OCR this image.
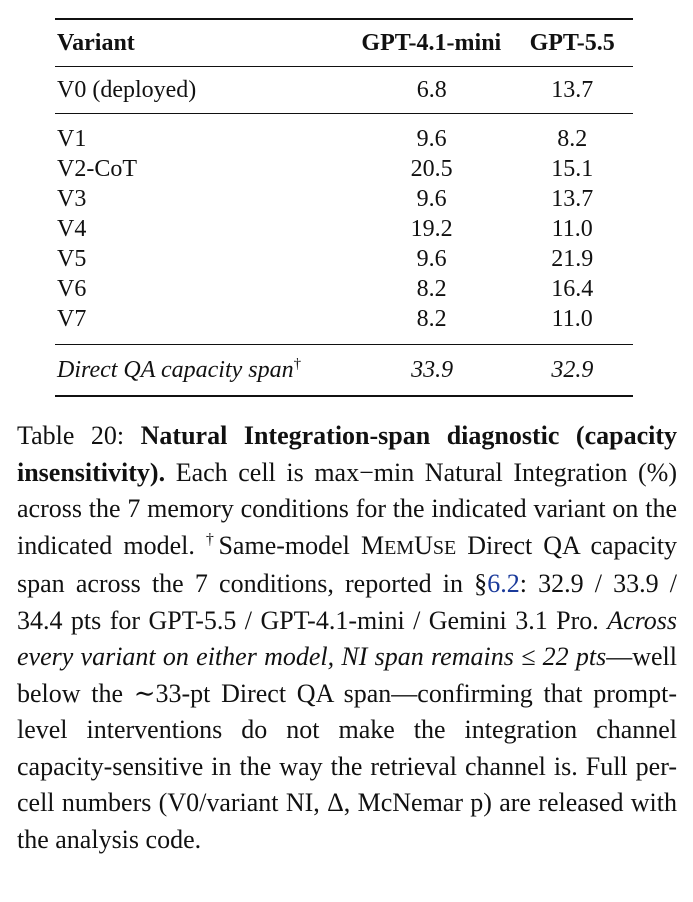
Variant	GPT-4.1-mini	GPT-5.5
V0 (deployed)	6.8	13.7

V1	9.6	8.2
V2-CoT	20.5	15.1
V3	9.6	13.7
V4	19.2	11.0
V5	9.6	21.9
V6	8.2	16.4
V7	8.2	11.0

Direct QA capacity span†	33.9	32.9
Table 20: Natural Integration-span diagnostic (capacity insensitivity). Each cell is max−min Natural Integration (%) across the 7 memory conditions for the indicated variant on the indicated model. †Same-model MEMUSE Direct QA capacity span across the 7 conditions, reported in §6.2: 32.9 / 33.9 / 34.4 pts for GPT-5.5 / GPT-4.1-mini / Gemini 3.1 Pro. Across every variant on either model, NI span remains ≤ 22 pts—well below the ∼33-pt Direct QA span—confirming that prompt-level interventions do not make the integration channel capacity-sensitive in the way the retrieval channel is. Full per-cell numbers (V0/variant NI, Δ, McNemar p) are released with the analysis code.
